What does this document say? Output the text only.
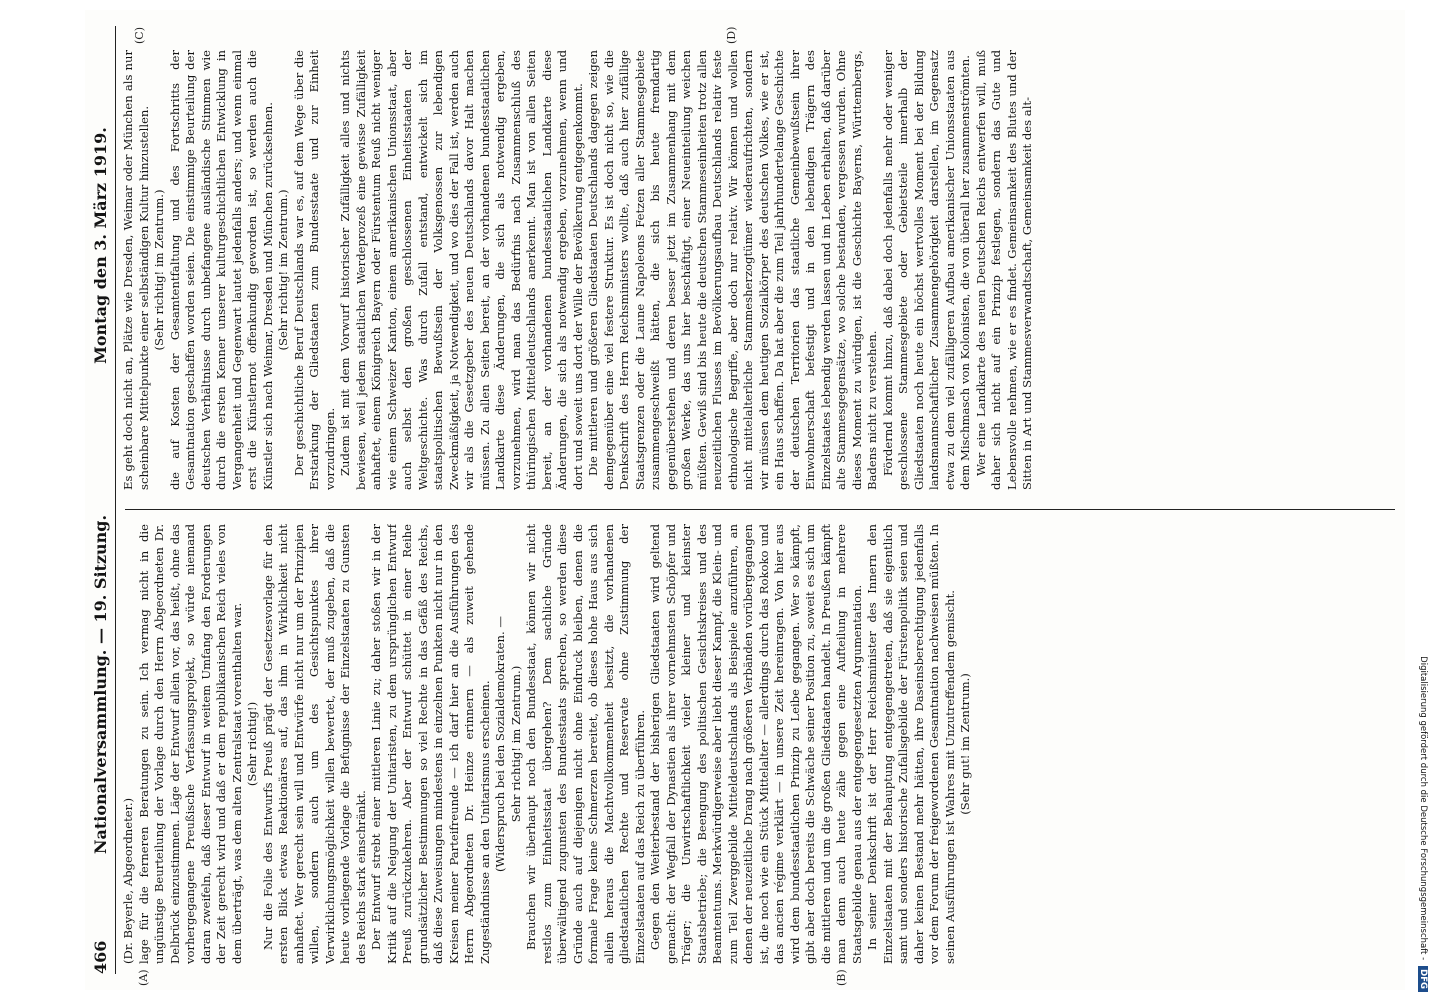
466
Nationalversammlung. — 19. Sitzung.
Montag den 3. März 1919.
(A)	(B)
(C)	(D)

(Dr. Beyerle, Abgeordneter.) lage für die ferneren Beratungen zu sein. Ich vermag nicht in die ungünstige Beurteilung der Vorlage durch den Herrn Abgeordneten Dr. Delbrück einzustimmen. Läge der Entwurf allein vor, das heißt, ohne das vorhergegangene Preußische Verfassungsprojekt, so würde niemand daran zweifeln, daß dieser Entwurf in weitem Umfang den Forderungen der Zeit gerecht wird und daß er dem republikanischen Reich vieles von dem überträgt, was dem alten Zentralstaat vorenthalten war. (Sehr richtig!) Nur die Folie des Entwurfs Preuß prägt der Gesetzesvorlage für den ersten Blick etwas Reaktionäres auf, das ihm in Wirklichkeit nicht anhaftet. Wer gerecht sein will und Entwürfe nicht nur um der Prinzipien willen, sondern auch um des Gesichtspunktes ihrer Verwirklichungsmöglichkeit willen bewertet, der muß zugeben, daß die heute vorliegende Vorlage die Befugnisse der Einzelstaaten zu Gunsten des Reichs stark einschränkt. Der Entwurf strebt einer mittleren Linie zu; daher stoßen wir in der Kritik auf die Neigung der Unitaristen, zu dem ursprünglichen Entwurf Preuß zurückzukehren. Aber der Entwurf schüttet in einer Reihe grundsätzlicher Bestimmungen so viel Rechte in das Gefäß des Reichs, daß diese Zuweisungen mindestens in einzelnen Punkten nicht nur in den Kreisen meiner Parteifreunde — ich darf hier an die Ausführungen des Herrn Abgeordneten Dr. Heinze erinnern — als zuweit gehende Zugeständnisse an den Unitarismus erscheinen. (Widerspruch bei den Sozialdemokraten. — Sehr richtig! im Zentrum.) Brauchen wir überhaupt noch den Bundesstaat, können wir nicht restlos zum Einheitsstaat übergehen? Dem sachliche Gründe überwältigend zugunsten des Bundesstaats sprechen, so werden diese Gründe auch auf diejenigen nicht ohne Eindruck bleiben, denen die formale Frage keine Schmerzen bereitet, ob dieses hohe Haus aus sich allein heraus die Machtvollkommenheit besitzt, die vorhandenen gliedstaatlichen Rechte und Reservate ohne Zustimmung der Einzelstaaten auf das Reich zu überführen. Gegen den Weiterbestand der bisherigen Gliedstaaten wird geltend gemacht: der Wegfall der Dynastien als ihrer vornehmsten Schöpfer und Träger; die Unwirtschaftlichkeit vieler kleiner und kleinster Staatsbetriebe; die Beengung des politischen Gesichtskreises und des Beamtentums. Merkwürdigerweise aber liebt dieser Kampf, die Klein- und zum Teil Zwerggebilde Mitteldeutschlands als Beispiele anzuführen, an denen der neuzeitliche Drang nach größeren Verbänden vorübergegangen ist, die noch wie ein Stück Mittelalter — allerdings durch das Rokoko und das ancien régime verklärt — in unsere Zeit hereinragen. Von hier aus wird dem bundesstaatlichen Prinzip zu Leibe gegangen. Wer so kämpft, gibt aber doch bereits die Schwäche seiner Position zu, soweit es sich um die mittleren und um die großen Gliedstaaten handelt. In Preußen kämpft man denn auch heute zähe gegen eine Aufteilung in mehrere Staatsgebilde genau aus der entgegengesetzten Argumentation. In seiner Denkschrift ist der Herr Reichsminister des Innern den Einzelstaaten mit der Behauptung entgegengetreten, daß sie eigentlich samt und sonders historische Zufallsgebilde der Fürstenpolitik seien und daher keinen Bestand mehr hätten, ihre Daseinsberechtigung jedenfalls vor dem Forum der freigewordenen Gesamtnation nachweisen müßten. In seinen Ausführungen ist Wahres mit Unzutreffendem gemischt. (Sehr gut! im Zentrum.)

Es geht doch nicht an, Plätze wie Dresden, Weimar oder München als nur scheinbare Mittelpunkte einer selbständigen Kultur hinzustellen. (Sehr richtig! im Zentrum.) die auf Kosten der Gesamtentfaltung und des Fortschritts der Gesamtnation geschaffen worden seien. Die einstimmige Beurteilung der deutschen Verhältnisse durch unbefangene ausländische Stimmen wie durch die ersten Kenner unserer kulturgeschichtlichen Entwicklung in Vergangenheit und Gegenwart lautet jedenfalls anders; und wenn einmal erst die Künstlernot offenkundig geworden ist, so werden auch die Künstler sich nach Weimar, Dresden und München zurücksehnen. (Sehr richtig! im Zentrum.) Der geschichtliche Beruf Deutschlands war es, auf dem Wege über die Erstarkung der Gliedstaaten zum Bundesstaate und zur Einheit vorzudringen. Zudem ist mit dem Vorwurf historischer Zufälligkeit alles und nichts bewiesen, weil jedem staatlichen Werdeprozeß eine gewisse Zufälligkeit anhaftet, einem Königreich Bayern oder Fürstentum Reuß nicht weniger wie einem Schweizer Kanton, einem amerikanischen Unionsstaat, aber auch selbst den großen geschlossenen Einheitsstaaten der Weltgeschichte. Was durch Zufall entstand, entwickelt sich im staatspolitischen Bewußtsein der Volksgenossen zur lebendigen Zweckmäßigkeit, ja Notwendigkeit, und wo dies der Fall ist, werden auch wir als die Gesetzgeber des neuen Deutschlands davor Halt machen müssen. Zu allen Seiten bereit, an der vorhandenen bundesstaatlichen Landkarte diese Änderungen, die sich als notwendig ergeben, vorzunehmen, wird man das Bedürfnis nach Zusammenschluß des thüringischen Mitteldeutschlands anerkennt. Man ist von allen Seiten bereit, an der vorhandenen bundesstaatlichen Landkarte diese Änderungen, die sich als notwendig ergeben, vorzunehmen, wenn und dort und soweit uns dort der Wille der Bevölkerung entgegenkommt. Die mittleren und größeren Gliedstaaten Deutschlands dagegen zeigen demgegenüber eine viel festere Struktur. Es ist doch nicht so, wie die Denkschrift des Herrn Reichsministers wollte, daß auch hier zufällige Staatsgrenzen oder die Laune Napoleons Fetzen aller Stammesgebiete zusammengeschweißt hätten, die sich bis heute fremdartig gegenüberstehen und deren besser jetzt im Zusammenhang mit dem großen Werke, das uns hier beschäftigt, einer Neueinteilung weichen müßten. Gewiß sind bis heute die deutschen Stammeseinheiten trotz allen neuzeitlichen Flusses im Bevölkerungsaufbau Deutschlands relativ feste ethnologische Begriffe, aber doch nur relativ. Wir können und wollen nicht mittelalterliche Stammesherzogtümer wiederaufrichten, sondern wir müssen dem heutigen Sozialkörper des deutschen Volkes, wie er ist, ein Haus schaffen. Da hat aber die zum Teil jahrhundertelange Geschichte der deutschen Territorien das staatliche Gemeinbewußtsein ihrer Einwohnerschaft befestigt und in den lebendigen Trägern des Einzelstaates lebendig werden lassen und im Leben erhalten, daß darüber alte Stammesgegensätze, wo solche bestanden, vergessen wurden. Ohne dieses Moment zu würdigen, ist die Geschichte Bayerns, Württembergs, Badens nicht zu verstehen. Fördernd kommt hinzu, daß dabei doch jedenfalls mehr oder weniger geschlossene Stammesgebiete oder Gebietsteile innerhalb der Gliedstaaten noch heute ein höchst wertvolles Moment bei der Bildung landsmannschaftlicher Zusammengehörigkeit darstellen, im Gegensatz etwa zu dem viel zufälligeren Aufbau amerikanischer Unionsstaaten aus dem Mischmasch von Kolonisten, die von überall her zusammenströmten. Wer eine Landkarte des neuen Deutschen Reichs entwerfen will, muß daher sich nicht auf ein Prinzip festlegen, sondern das Gute und Lebensvolle nehmen, wie er es findet. Gemeinsamkeit des Blutes und der Sitten in Art und Stammesverwandtschaft, Gemeinsamkeit des alt-

Digitalisierung gefördert durch die Deutsche Forschungsgemeinschaft -DFG
